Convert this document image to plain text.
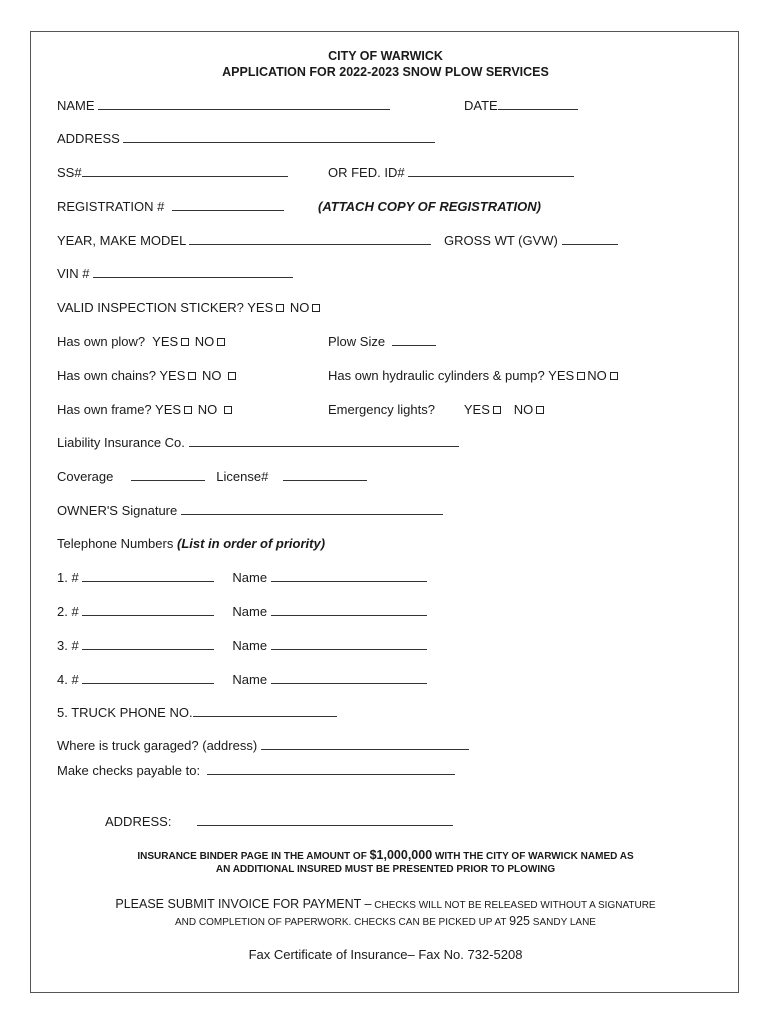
CITY OF WARWICK
APPLICATION FOR 2022-2023 SNOW PLOW SERVICES
NAME	DATE
ADDRESS
SS#	OR FED. ID#
REGISTRATION #	(ATTACH COPY OF REGISTRATION)
YEAR, MAKE MODEL	GROSS WT (GVW)
VIN #
VALID INSPECTION STICKER? YES NO
Has own plow? YES NO	Plow Size
Has own chains? YES NO	Has own hydraulic cylinders & pump? YES NO
Has own frame? YES NO	Emergency lights? YES NO
Liability Insurance Co.
Coverage	License#
OWNER'S Signature
Telephone Numbers (List in order of priority)
1. #	Name
2. #	Name
3. #	Name
4. #	Name
5. TRUCK PHONE NO.
Where is truck garaged? (address)
Make checks payable to:
ADDRESS:
INSURANCE BINDER PAGE IN THE AMOUNT OF $1,000,000 WITH THE CITY OF WARWICK NAMED AS
AN ADDITIONAL INSURED MUST BE PRESENTED PRIOR TO PLOWING
PLEASE SUBMIT INVOICE FOR PAYMENT – CHECKS WILL NOT BE RELEASED WITHOUT A SIGNATURE
AND COMPLETION OF PAPERWORK. CHECKS CAN BE PICKED UP AT 925 SANDY LANE
Fax Certificate of Insurance– Fax No. 732-5208
